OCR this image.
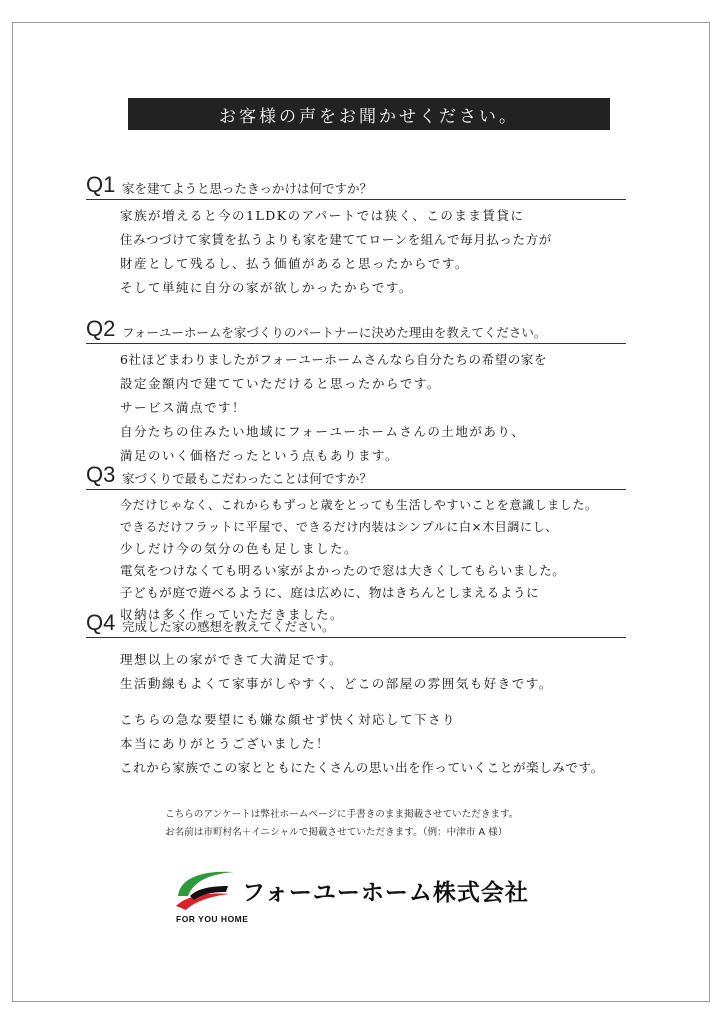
お客様の声をお聞かせください。
Q1 家を建てようと思ったきっかけは何ですか？
家族が増えると今の1LDKのアパートでは狭く、このまま賃貸に
住みつづけて家賃を払うよりも家を建ててローンを組んで毎月払った方が
財産として残るし、払う価値があると思ったからです。
そして単純に自分の家が欲しかったからです。
Q2 フォーユーホームを家づくりのパートナーに決めた理由を教えてください。
6社ほどまわりましたがフォーユーホームさんなら自分たちの希望の家を
設定金額内で建てていただけると思ったからです。
サービス満点です！
自分たちの住みたい地域にフォーユーホームさんの土地があり、
満足のいく価格だったという点もあります。
Q3 家づくりで最もこだわったことは何ですか？
今だけじゃなく、これからもずっと歳をとっても生活しやすいことを意識しました。
できるだけフラットに平屋で、できるだけ内装はシンプルに白×木目調にし、
少しだけ今の気分の色も足しました。
電気をつけなくても明るい家がよかったので窓は大きくしてもらいました。
子どもが庭で遊べるように、庭は広めに、物はきちんとしまえるように
収納は多く作っていただきました。
Q4 完成した家の感想を教えてください。
理想以上の家ができて大満足です。
生活動線もよくて家事がしやすく、どこの部屋の雰囲気も好きです。
こちらの急な要望にも嫌な顔せず快く対応して下さり
本当にありがとうございました！
これから家族でこの家とともにたくさんの思い出を作っていくことが楽しみです。
こちらのアンケートは弊社ホームページに手書きのまま掲載させていただきます。
お名前は市町村名＋イニシャルで掲載させていただきます。（例：中津市 A 様）
FOR YOU HOME
フォーユーホーム株式会社
